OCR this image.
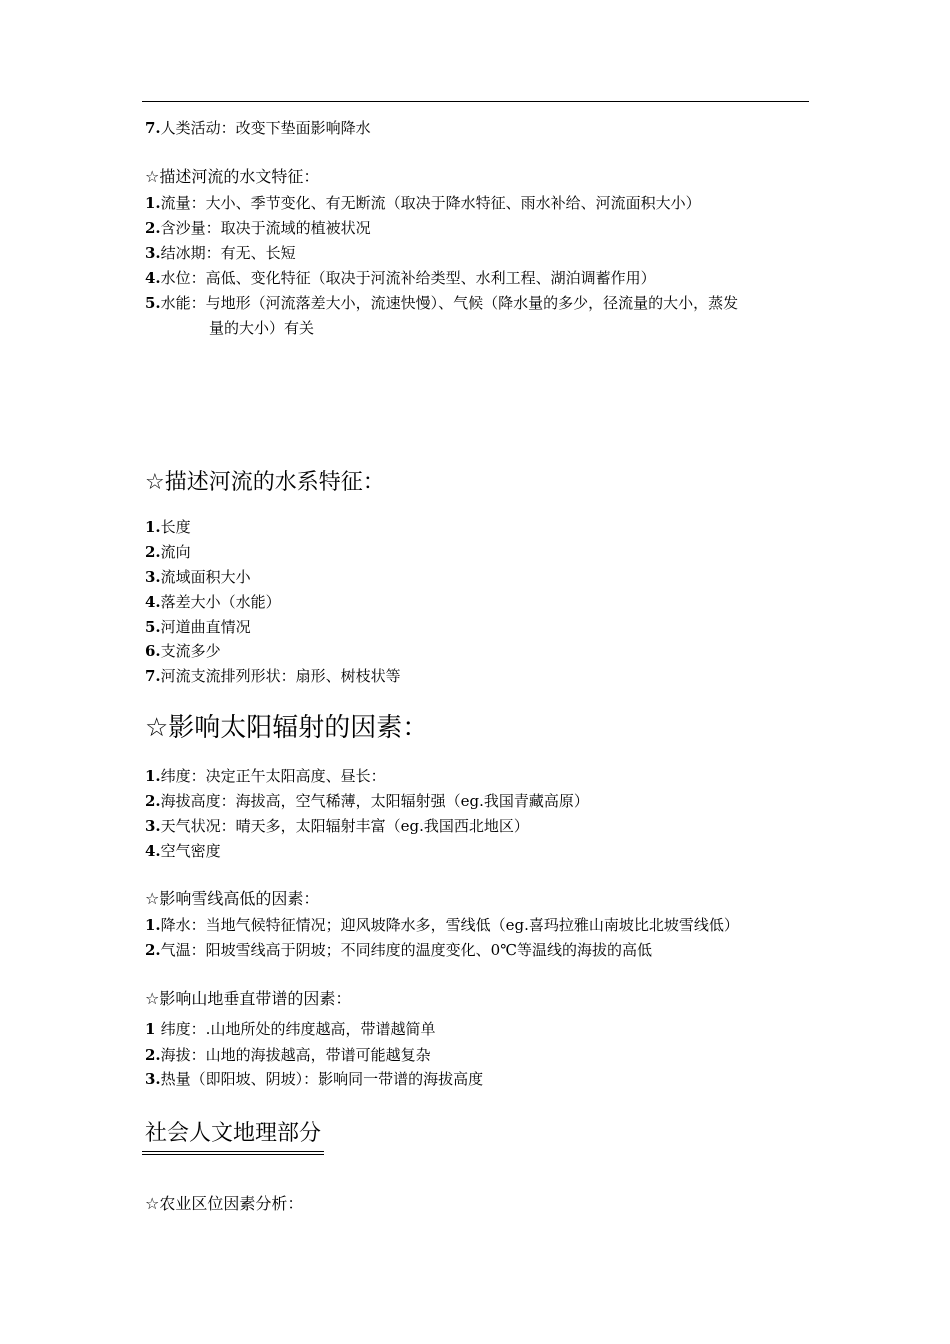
7.人类活动：改变下垫面影响降水
☆描述河流的水文特征：
1.流量：大小、季节变化、有无断流（取决于降水特征、雨水补给、河流面积大小）
2.含沙量：取决于流域的植被状况
3.结冰期：有无、长短
4.水位：高低、变化特征（取决于河流补给类型、水利工程、湖泊调蓄作用）
5.水能：与地形（河流落差大小，流速快慢）、气候（降水量的多少，径流量的大小，蒸发
量的大小）有关
☆描述河流的水系特征：
1.长度
2.流向
3.流域面积大小
4.落差大小（水能）
5.河道曲直情况
6.支流多少
7.河流支流排列形状：扇形、树枝状等
☆影响太阳辐射的因素：
1.纬度：决定正午太阳高度、昼长：
2.海拔高度：海拔高，空气稀薄，太阳辐射强（eg.我国青藏高原）
3.天气状况：晴天多，太阳辐射丰富（eg.我国西北地区）
4.空气密度
☆影响雪线高低的因素：
1.降水：当地气候特征情况；迎风坡降水多，雪线低（eg.喜玛拉雅山南坡比北坡雪线低）
2.气温：阳坡雪线高于阴坡；不同纬度的温度变化、0℃等温线的海拔的高低
☆影响山地垂直带谱的因素：
1 纬度：.山地所处的纬度越高，带谱越简单
2.海拔：山地的海拔越高，带谱可能越复杂
3.热量（即阳坡、阴坡）：影响同一带谱的海拔高度
社会人文地理部分
☆农业区位因素分析：
